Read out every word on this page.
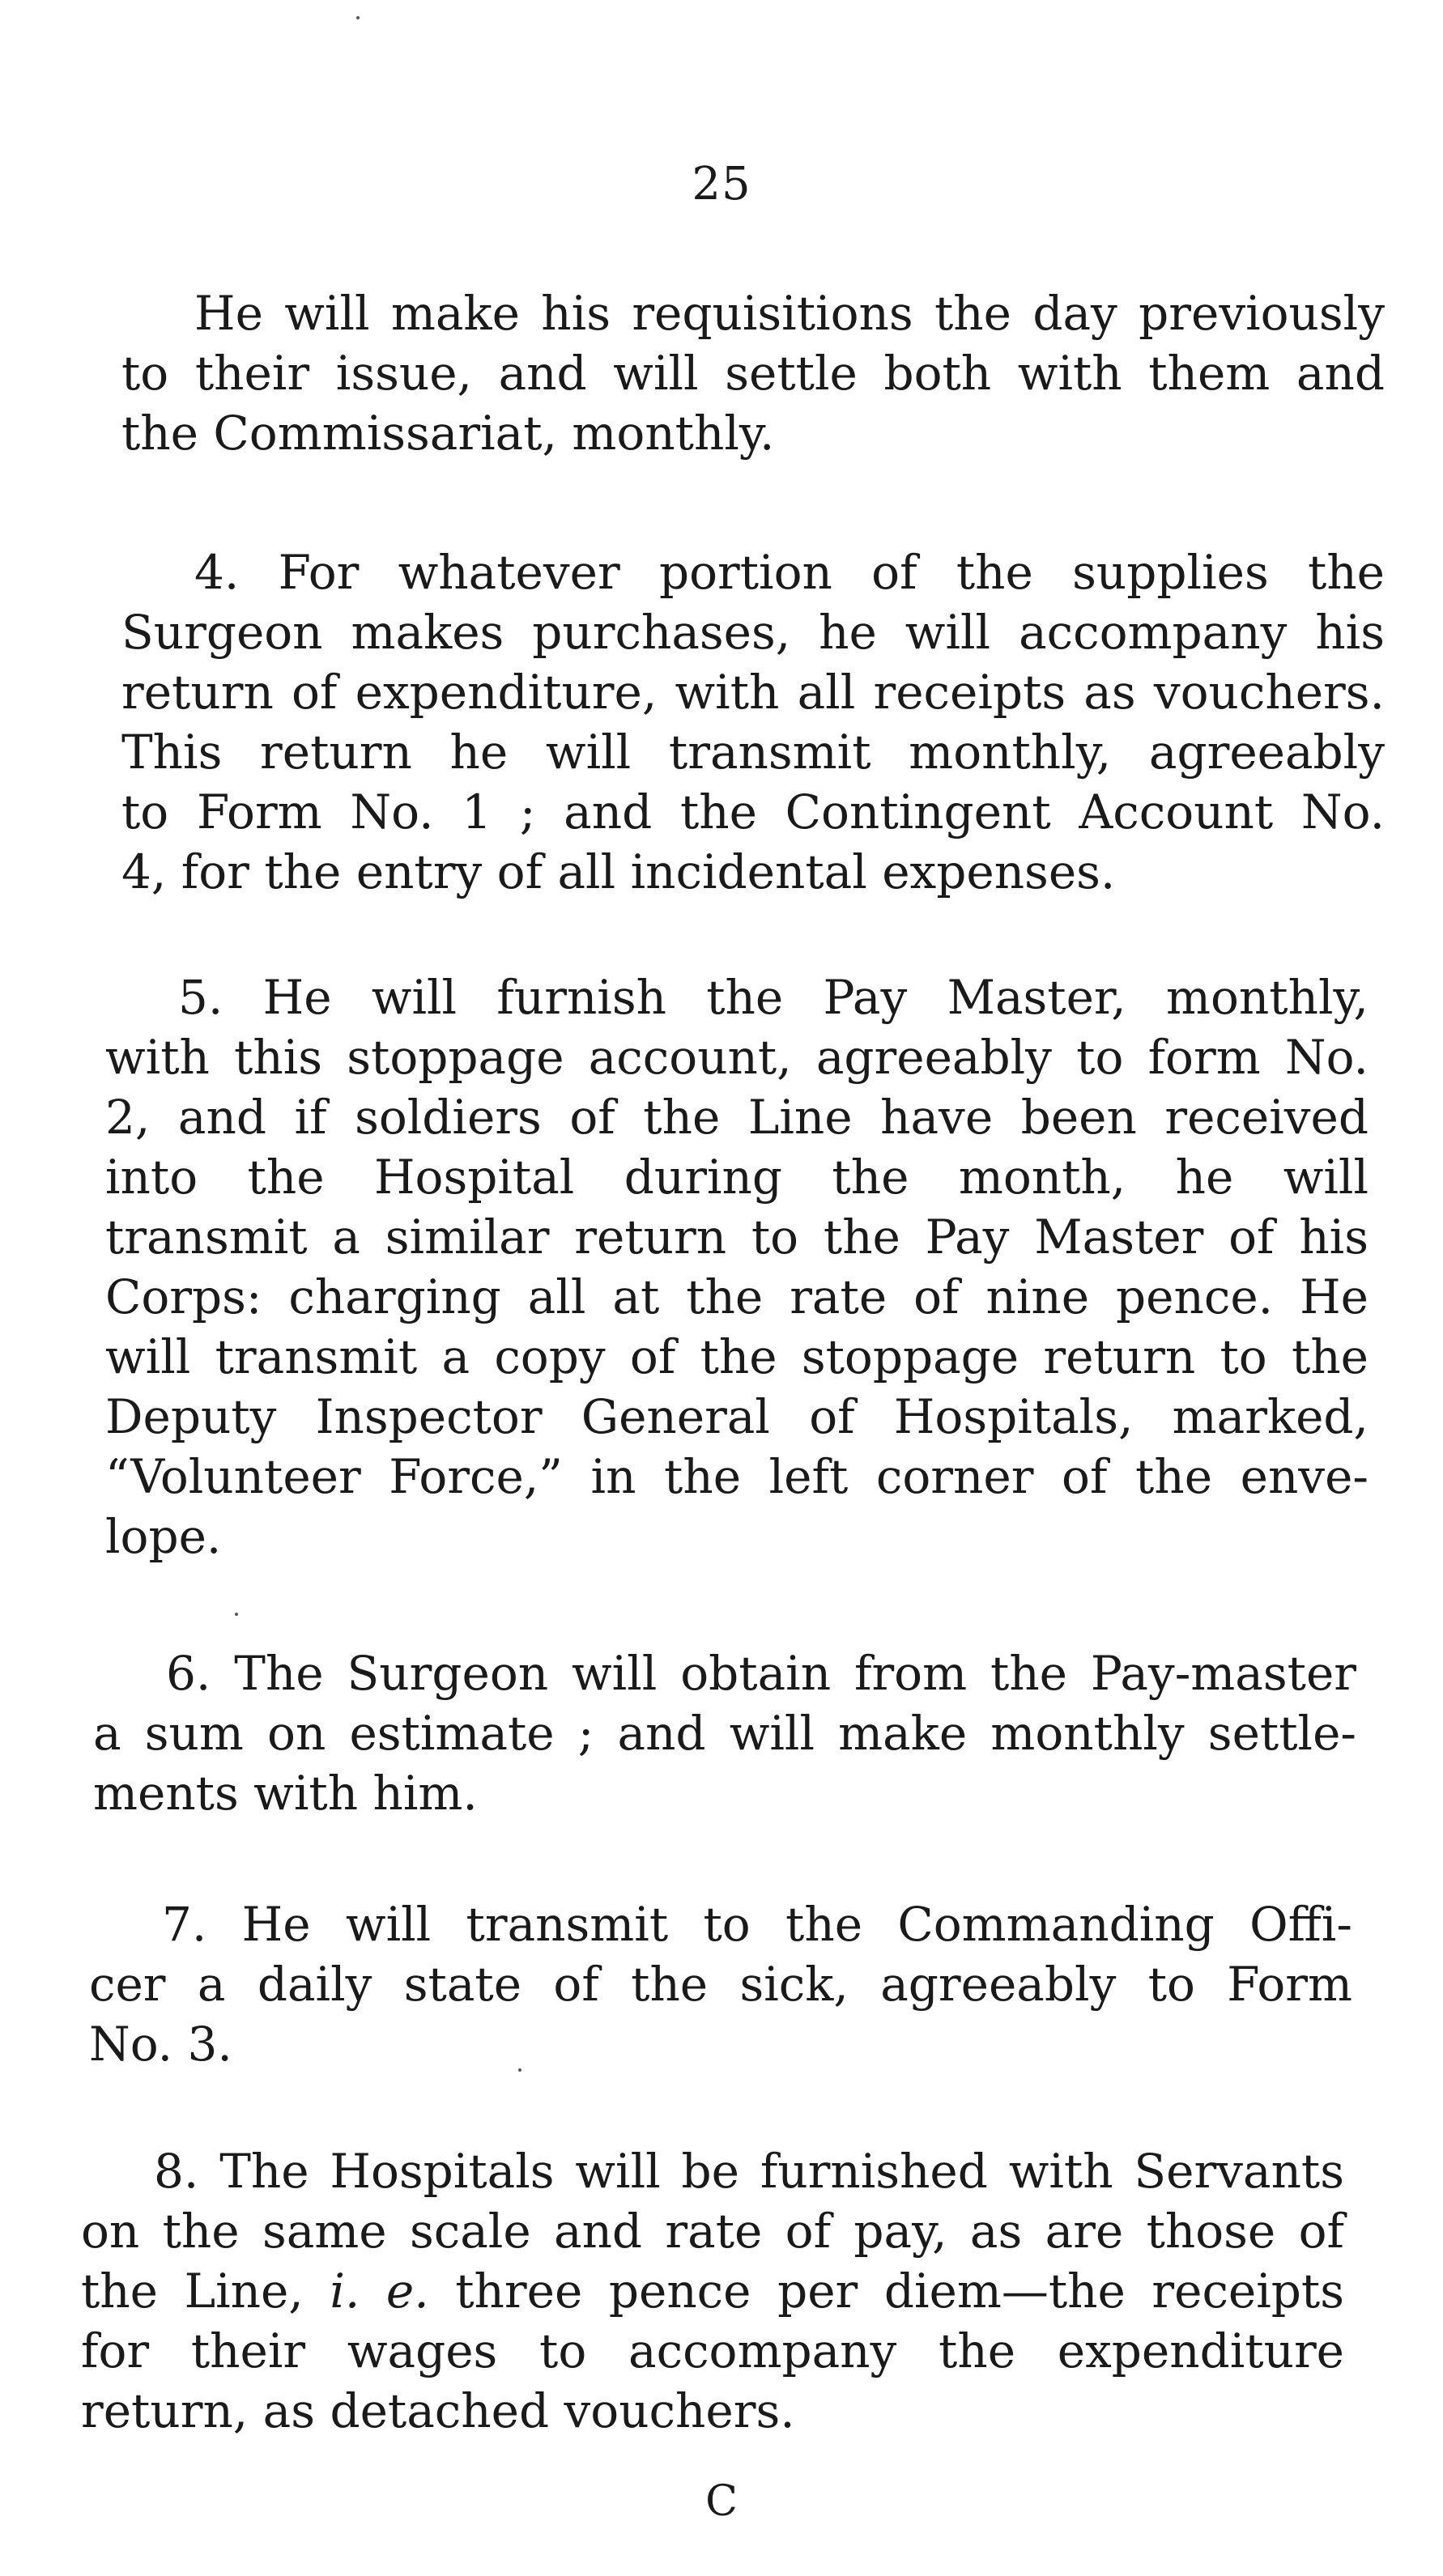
25
He will make his requisitions the day previously
to their issue, and will settle both with them and
the Commissariat, monthly.
4. For whatever portion of the supplies the
Surgeon makes purchases, he will accompany his
return of expenditure, with all receipts as vouchers.
This return he will transmit monthly, agreeably
to Form No. 1 ; and the Contingent Account No.
4, for the entry of all incidental expenses.
5. He will furnish the Pay Master, monthly,
with this stoppage account, agreeably to form No.
2, and if soldiers of the Line have been received
into the Hospital during the month, he will
transmit a similar return to the Pay Master of his
Corps: charging all at the rate of nine pence. He
will transmit a copy of the stoppage return to the
Deputy Inspector General of Hospitals, marked,
“Volunteer Force,” in the left corner of the enve-
lope.
6. The Surgeon will obtain from the Pay-master
a sum on estimate ; and will make monthly settle-
ments with him.
7. He will transmit to the Commanding Offi-
cer a daily state of the sick, agreeably to Form
No. 3.
8. The Hospitals will be furnished with Servants
on the same scale and rate of pay, as are those of
the Line, i. e. three pence per diem—the receipts
for their wages to accompany the expenditure
return, as detached vouchers.
C
